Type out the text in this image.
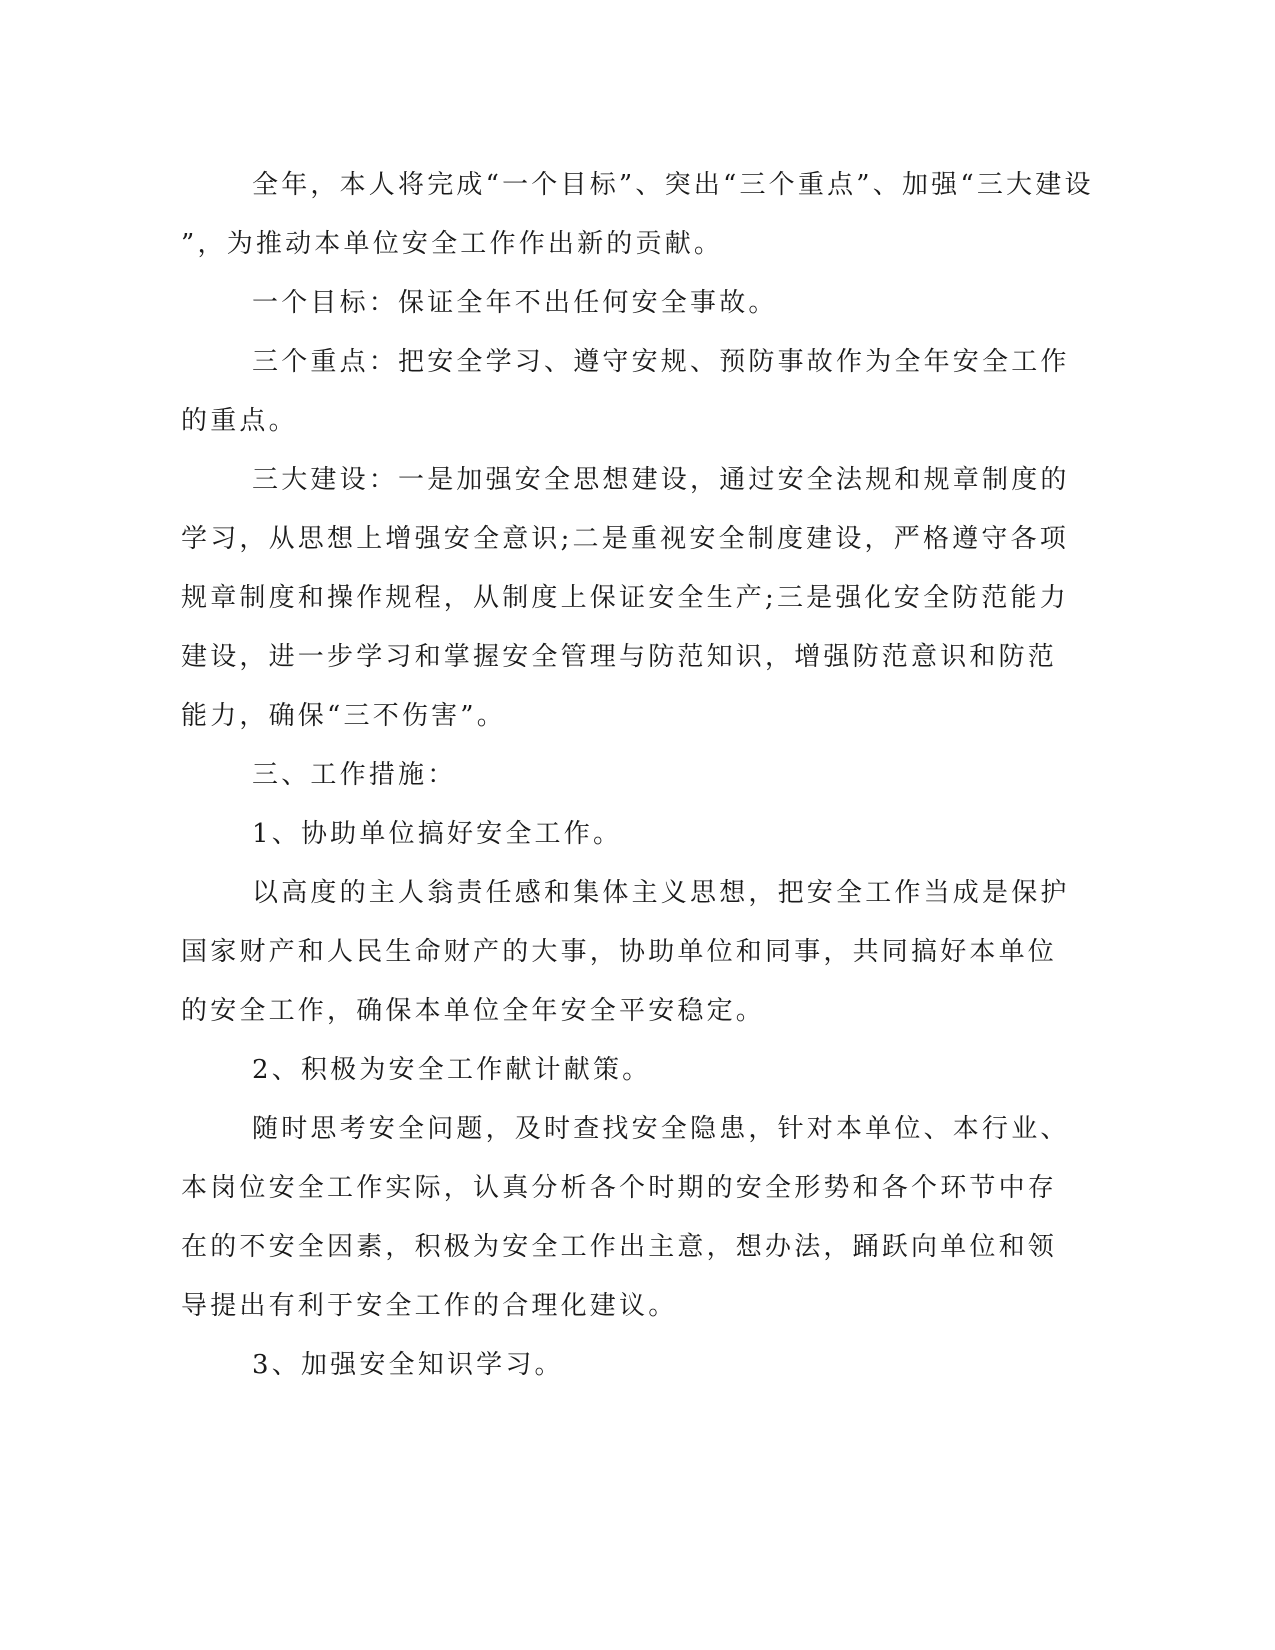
全年，本人将完成“一个目标”、突出“三个重点”、加强“三大建设
”，为推动本单位安全工作作出新的贡献。
一个目标：保证全年不出任何安全事故。
三个重点：把安全学习、遵守安规、预防事故作为全年安全工作
的重点。
三大建设：一是加强安全思想建设，通过安全法规和规章制度的
学习，从思想上增强安全意识;二是重视安全制度建设，严格遵守各项
规章制度和操作规程，从制度上保证安全生产;三是强化安全防范能力
建设，进一步学习和掌握安全管理与防范知识，增强防范意识和防范
能力，确保“三不伤害”。
三、工作措施：
1、协助单位搞好安全工作。
以高度的主人翁责任感和集体主义思想，把安全工作当成是保护
国家财产和人民生命财产的大事，协助单位和同事，共同搞好本单位
的安全工作，确保本单位全年安全平安稳定。
2、积极为安全工作献计献策。
随时思考安全问题，及时查找安全隐患，针对本单位、本行业、
本岗位安全工作实际，认真分析各个时期的安全形势和各个环节中存
在的不安全因素，积极为安全工作出主意，想办法，踊跃向单位和领
导提出有利于安全工作的合理化建议。
3、加强安全知识学习。
